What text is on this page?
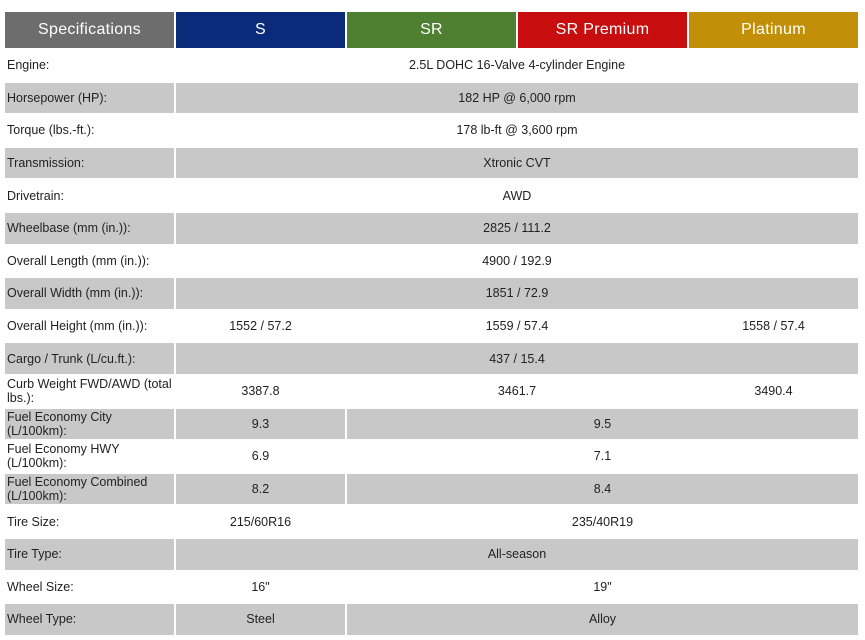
Specifications	S	SR	SR Premium	Platinum
Engine:	2.5L DOHC 16-Valve 4-cylinder Engine			
Horsepower (HP):	182 HP @ 6,000 rpm			
Torque (lbs.-ft.):	178 lb-ft @ 3,600 rpm			
Transmission:	Xtronic CVT			
Drivetrain:	AWD			
Wheelbase (mm (in.)):	2825 / 111.2			
Overall Length (mm (in.)):	4900 / 192.9			
Overall Width (mm (in.)):	1851 / 72.9			
Overall Height (mm (in.)):	1552 / 57.2	1559 / 57.4		1558 / 57.4
Cargo / Trunk (L/cu.ft.):	437 / 15.4			
Curb Weight FWD/AWD (total lbs.):	3387.8	3461.7		3490.4
Fuel Economy City (L/100km):	9.3	9.5		
Fuel Economy HWY (L/100km):	6.9	7.1		
Fuel Economy Combined (L/100km):	8.2	8.4		
Tire Size:	215/60R16	235/40R19		
Tire Type:	All-season			
Wheel Size:	16"	19"		
Wheel Type:	Steel	Alloy		
